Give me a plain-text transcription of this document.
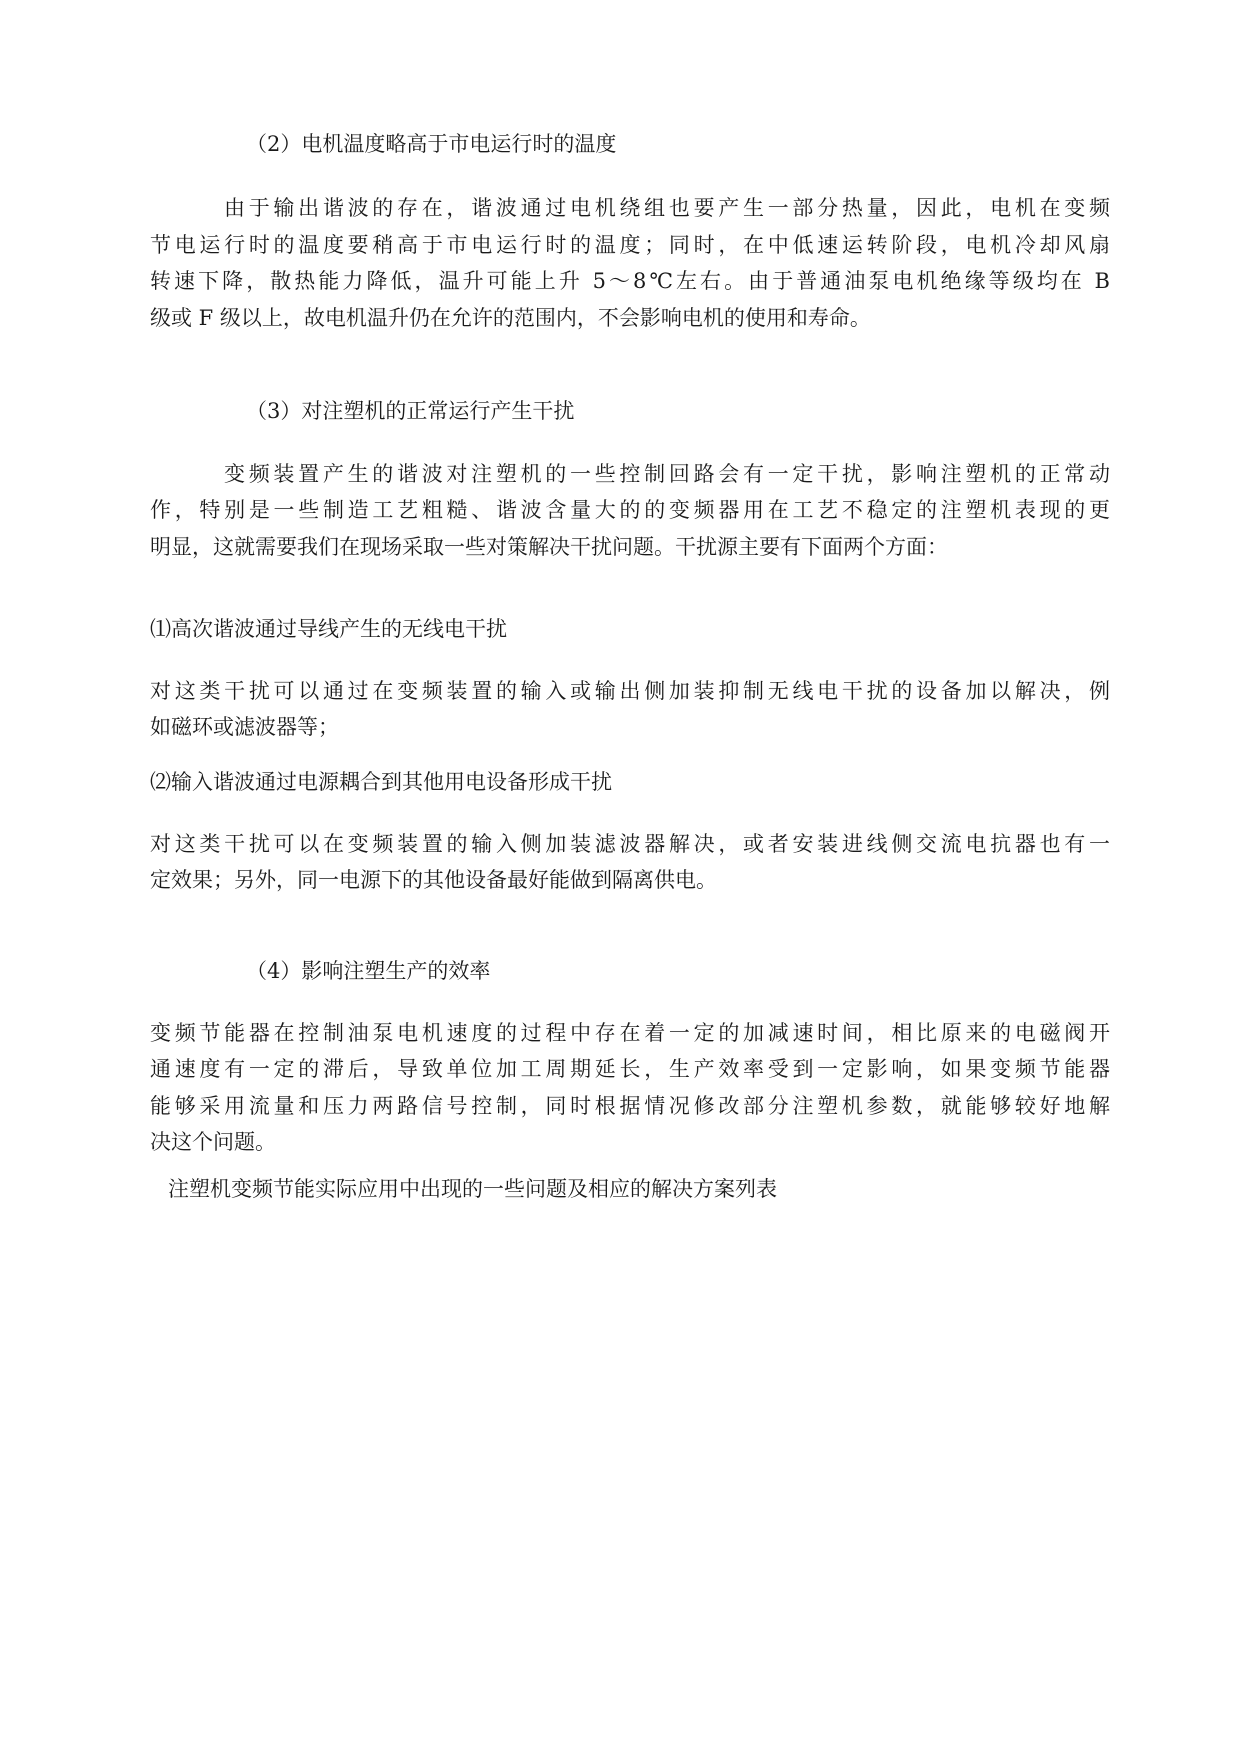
（2）电机温度略高于市电运行时的温度
由于输出谐波的存在，谐波通过电机绕组也要产生一部分热量，因此，电机在变频
节电运行时的温度要稍高于市电运行时的温度；同时，在中低速运转阶段，电机冷却风扇
转速下降，散热能力降低，温升可能上升 5～8℃左右。由于普通油泵电机绝缘等级均在 B
级或 F 级以上，故电机温升仍在允许的范围内，不会影响电机的使用和寿命。
（3）对注塑机的正常运行产生干扰
变频装置产生的谐波对注塑机的一些控制回路会有一定干扰，影响注塑机的正常动
作，特别是一些制造工艺粗糙、谐波含量大的的变频器用在工艺不稳定的注塑机表现的更
明显，这就需要我们在现场采取一些对策解决干扰问题。干扰源主要有下面两个方面：
⑴高次谐波通过导线产生的无线电干扰
对这类干扰可以通过在变频装置的输入或输出侧加装抑制无线电干扰的设备加以解决，例
如磁环或滤波器等；
⑵输入谐波通过电源耦合到其他用电设备形成干扰
对这类干扰可以在变频装置的输入侧加装滤波器解决，或者安装进线侧交流电抗器也有一
定效果；另外，同一电源下的其他设备最好能做到隔离供电。
（4）影响注塑生产的效率
变频节能器在控制油泵电机速度的过程中存在着一定的加减速时间，相比原来的电磁阀开
通速度有一定的滞后，导致单位加工周期延长，生产效率受到一定影响，如果变频节能器
能够采用流量和压力两路信号控制，同时根据情况修改部分注塑机参数，就能够较好地解
决这个问题。
注塑机变频节能实际应用中出现的一些问题及相应的解决方案列表
